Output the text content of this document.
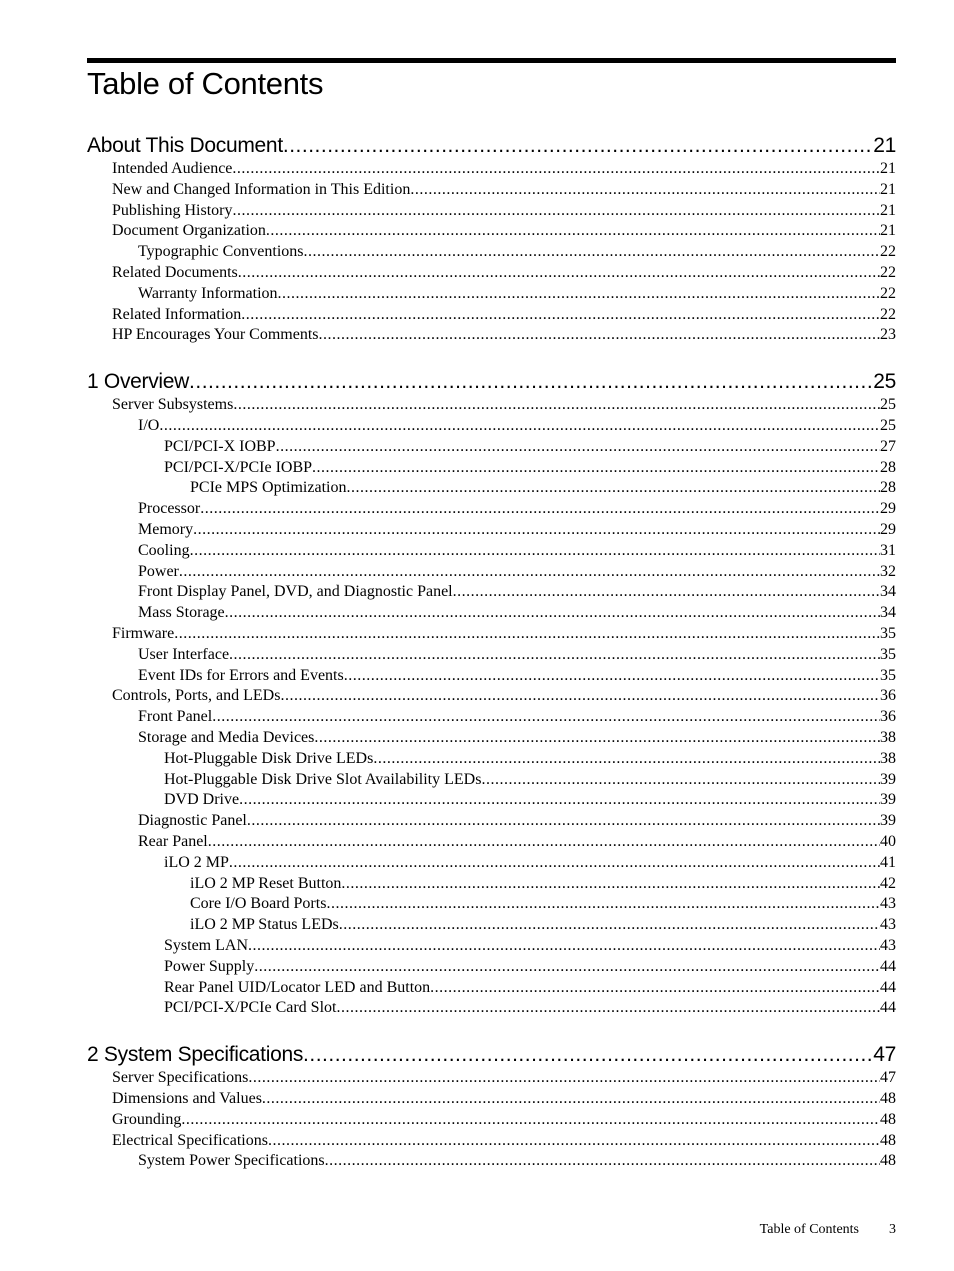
Table of Contents
About This Document .....	21
Intended Audience .....	21
New and Changed Information in This Edition .....	21
Publishing History .....	21
Document Organization .....	21
Typographic Conventions .....	22
Related Documents .....	22
Warranty Information .....	22
Related Information .....	22
HP Encourages Your Comments .....	23
1 Overview .....	25
Server Subsystems .....	25
I/O .....	25
PCI/PCI-X IOBP .....	27
PCI/PCI-X/PCIe IOBP .....	28
PCIe MPS Optimization .....	28
Processor .....	29
Memory .....	29
Cooling .....	31
Power .....	32
Front Display Panel, DVD, and Diagnostic Panel .....	34
Mass Storage .....	34
Firmware .....	35
User Interface .....	35
Event IDs for Errors and Events .....	35
Controls, Ports, and LEDs .....	36
Front Panel .....	36
Storage and Media Devices .....	38
Hot-Pluggable Disk Drive LEDs .....	38
Hot-Pluggable Disk Drive Slot Availability LEDs .....	39
DVD Drive .....	39
Diagnostic Panel .....	39
Rear Panel .....	40
iLO 2 MP .....	41
iLO 2 MP Reset Button .....	42
Core I/O Board Ports .....	43
iLO 2 MP Status LEDs .....	43
System LAN .....	43
Power Supply .....	44
Rear Panel UID/Locator LED and Button .....	44
PCI/PCI-X/PCIe Card Slot .....	44
2 System Specifications .....	47
Server Specifications .....	47
Dimensions and Values .....	48
Grounding .....	48
Electrical Specifications .....	48
System Power Specifications .....	48
Table of Contents 3
